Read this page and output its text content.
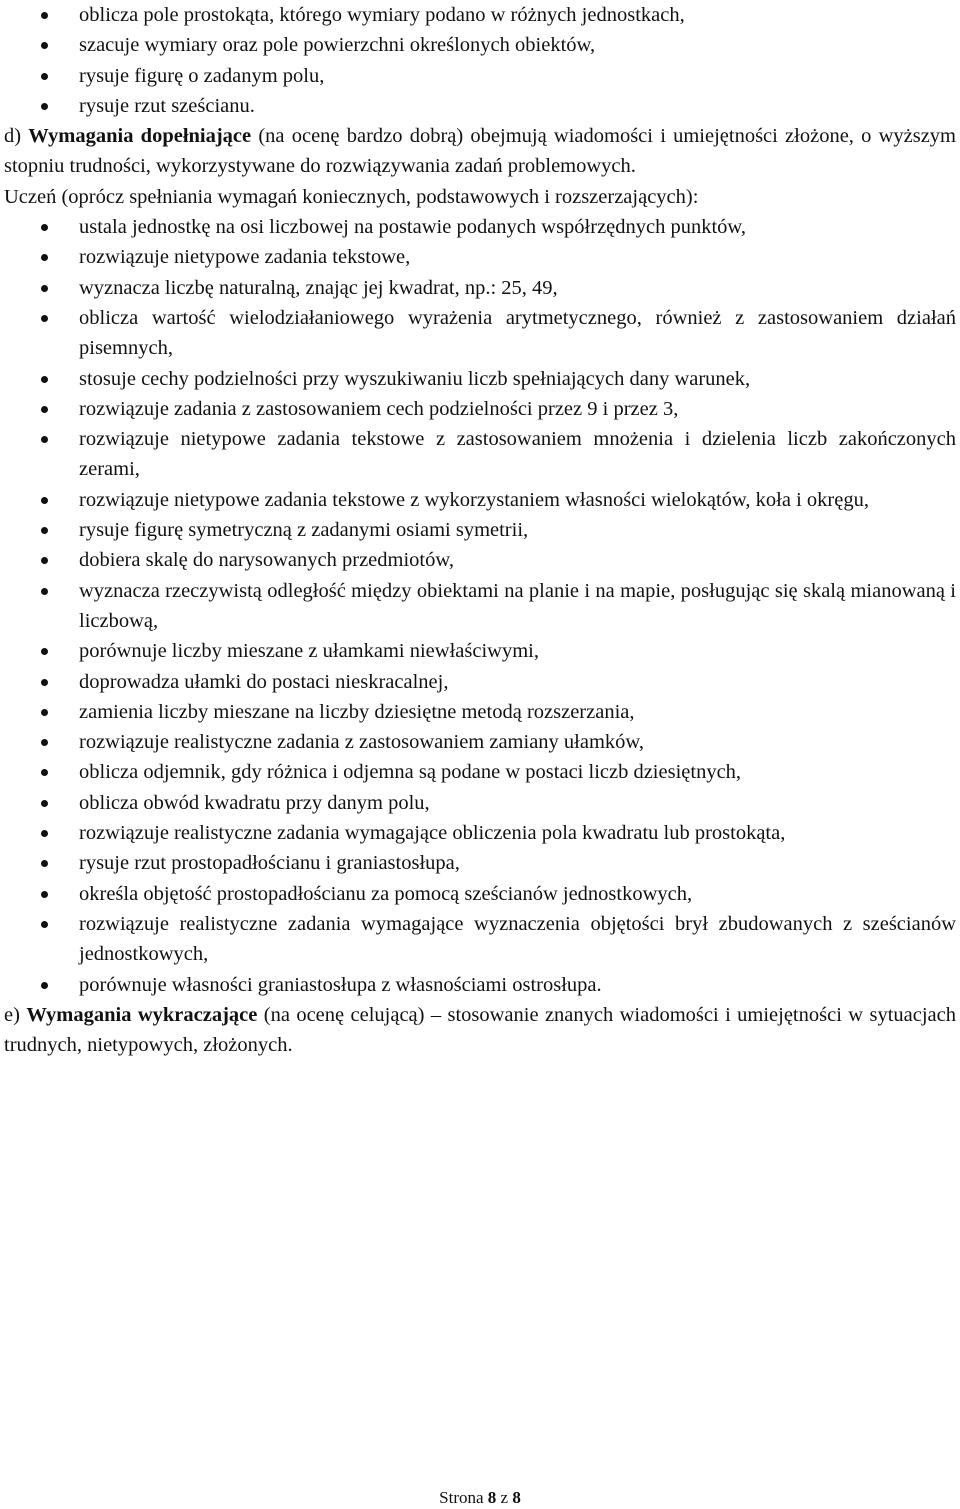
oblicza pole prostokąta, którego wymiary podano w różnych jednostkach,
szacuje wymiary oraz pole powierzchni określonych obiektów,
rysuje figurę o zadanym polu,
rysuje rzut sześcianu.

d) Wymagania dopełniające (na ocenę bardzo dobrą) obejmują wiadomości i umiejętności złożone, o wyższym stopniu trudności, wykorzystywane do rozwiązywania zadań problemowych.

Uczeń (oprócz spełniania wymagań koniecznych, podstawowych i rozszerzających):

ustala jednostkę na osi liczbowej na postawie podanych współrzędnych punktów,
rozwiązuje nietypowe zadania tekstowe,
wyznacza liczbę naturalną, znając jej kwadrat, np.: 25, 49,
oblicza wartość wielodziałaniowego wyrażenia arytmetycznego, również z zastosowaniem działań pisemnych,
stosuje cechy podzielności przy wyszukiwaniu liczb spełniających dany warunek,
rozwiązuje zadania z zastosowaniem cech podzielności przez 9 i przez 3,
rozwiązuje nietypowe zadania tekstowe z zastosowaniem mnożenia i dzielenia liczb zakończonych zerami,
rozwiązuje nietypowe zadania tekstowe z wykorzystaniem własności wielokątów, koła i okręgu,
rysuje figurę symetryczną z zadanymi osiami symetrii,
dobiera skalę do narysowanych przedmiotów,
wyznacza rzeczywistą odległość między obiektami na planie i na mapie, posługując się skalą mianowaną i liczbową,
porównuje liczby mieszane z ułamkami niewłaściwymi,
doprowadza ułamki do postaci nieskracalnej,
zamienia liczby mieszane na liczby dziesiętne metodą rozszerzania,
rozwiązuje realistyczne zadania z zastosowaniem zamiany ułamków,
oblicza odjemnik, gdy różnica i odjemna są podane w postaci liczb dziesiętnych,
oblicza obwód kwadratu przy danym polu,
rozwiązuje realistyczne zadania wymagające obliczenia pola kwadratu lub prostokąta,
rysuje rzut prostopadłościanu i graniastosłupa,
określa objętość prostopadłościanu za pomocą sześcianów jednostkowych,
rozwiązuje realistyczne zadania wymagające wyznaczenia objętości brył zbudowanych z sześcianów jednostkowych,
porównuje własności graniastosłupa z własnościami ostrosłupa.

e) Wymagania wykraczające (na ocenę celującą) – stosowanie znanych wiadomości i umiejętności w sytuacjach trudnych, nietypowych, złożonych.

Strona 8 z 8
